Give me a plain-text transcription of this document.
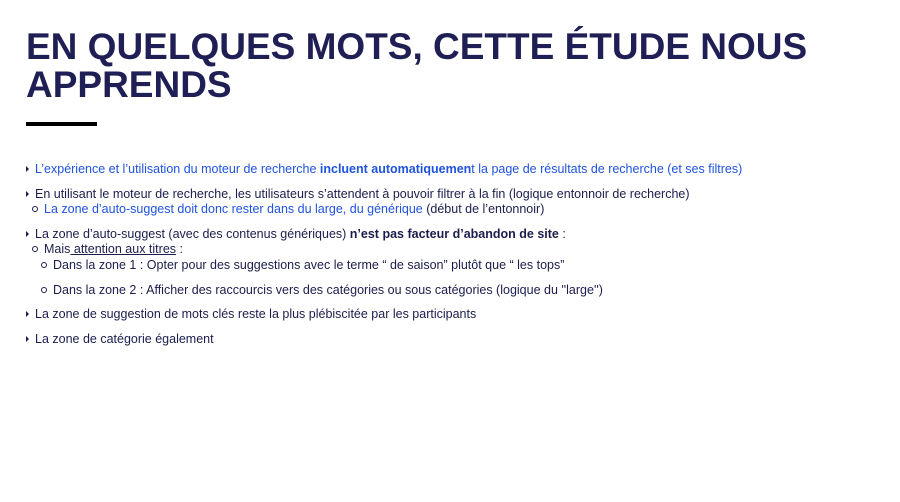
EN QUELQUES MOTS, CETTE ÉTUDE NOUS APPRENDS
L’expérience et l’utilisation du moteur de recherche incluent automatiquement la page de résultats de recherche (et ses filtres)
En utilisant le moteur de recherche, les utilisateurs s’attendent à pouvoir filtrer à la fin (logique entonnoir de recherche)
La zone d’auto-suggest doit donc rester dans du large, du générique (début de l’entonnoir)
La zone d’auto-suggest (avec des contenus génériques) n’est pas facteur d’abandon de site :
Mais attention aux titres :
Dans la zone 1 : Opter pour des suggestions avec le terme “ de saison” plutôt que “ les tops”
Dans la zone 2 : Afficher des raccourcis vers des catégories ou sous catégories (logique du ''large'')
La zone de suggestion de mots clés reste la plus plébiscitée par les participants
La zone de catégorie également
